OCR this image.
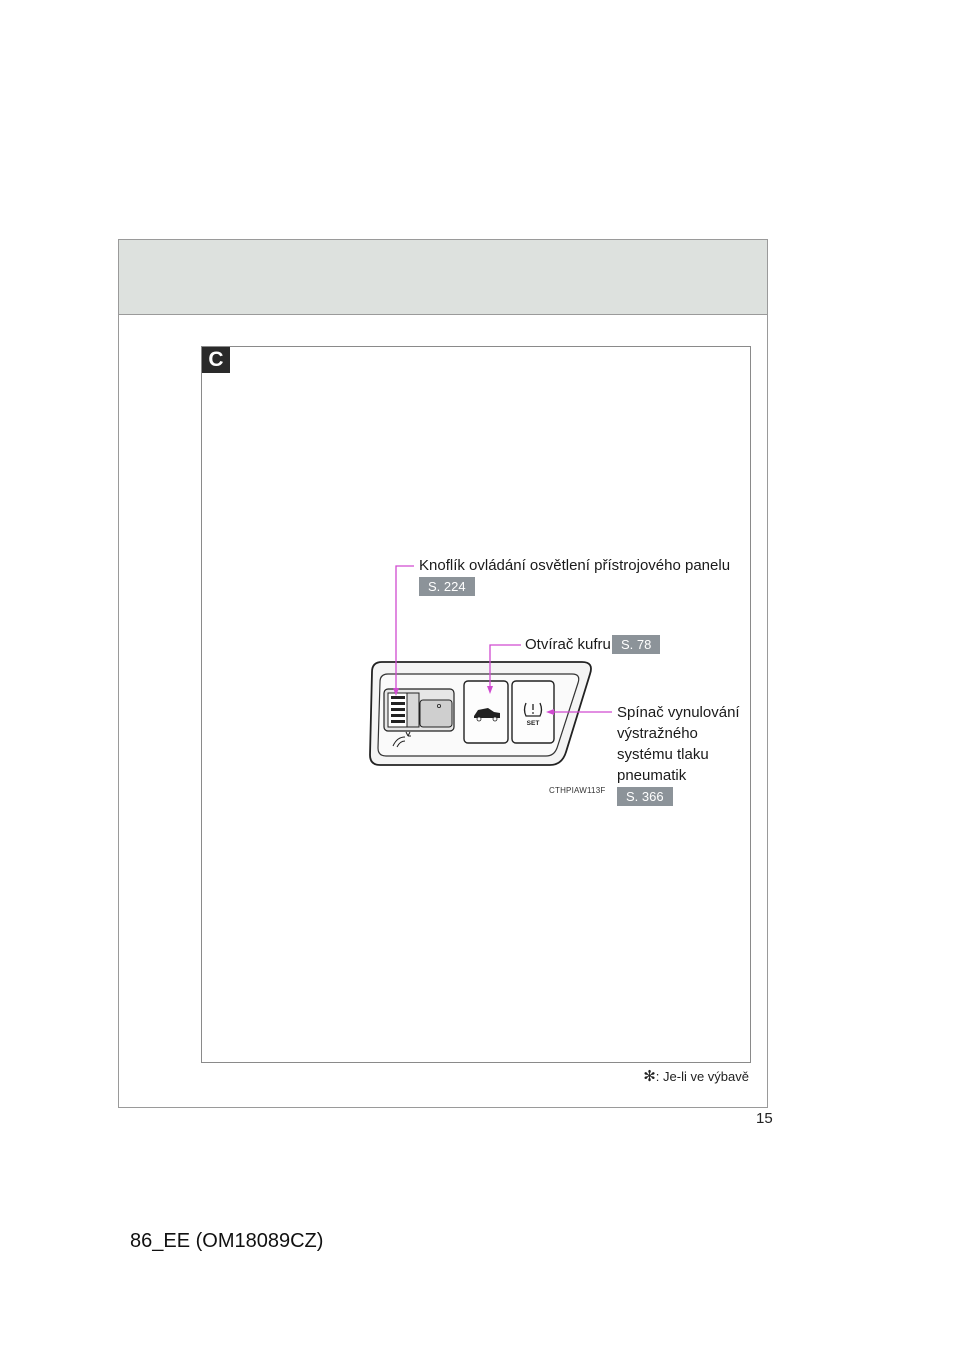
C
✻: Je-li ve výbavě
SET
Knoflík ovládání osvětlení přístrojového panelu
S. 224
Otvírač kufru S. 78
Spínač vynulování
výstražného
systému tlaku
pneumatik
S. 366
CTHPIAW113F
15
86_EE (OM18089CZ)
